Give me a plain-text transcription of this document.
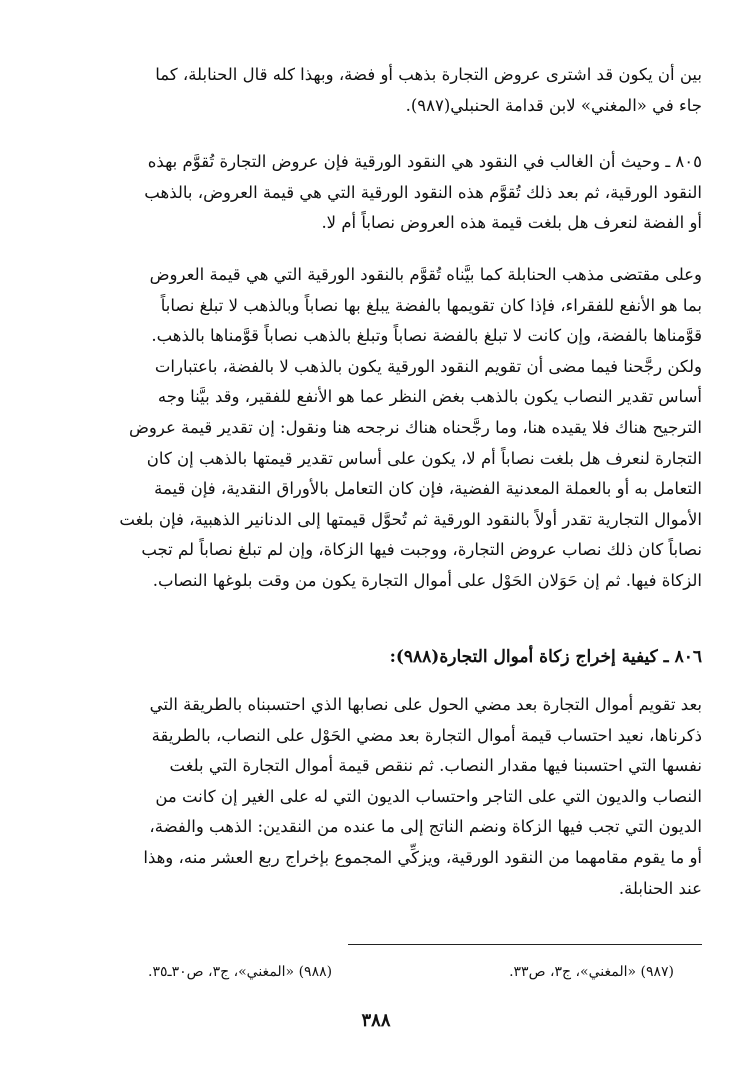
بين أن يكون قد اشترى عروض التجارة بذهب أو فضة، وبهذا كله قال الحنابلة، كما
جاء في «المغني» لابن قدامة الحنبلي(٩٨٧).
٨٠٥ ـ وحيث أن الغالب في النقود هي النقود الورقية فإن عروض التجارة تُقوَّم بهذه
النقود الورقية، ثم بعد ذلك تُقوَّم هذه النقود الورقية التي هي قيمة العروض، بالذهب
أو الفضة لنعرف هل بلغت قيمة هذه العروض نصاباً أم لا.
وعلى مقتضى مذهب الحنابلة كما بيَّناه تُقوَّم بالنقود الورقية التي هي قيمة العروض
بما هو الأنفع للفقراء، فإذا كان تقويمها بالفضة يبلغ بها نصاباً وبالذهب لا تبلغ نصاباً
قوَّمناها بالفضة، وإن كانت لا تبلغ بالفضة نصاباً وتبلغ بالذهب نصاباً قوَّمناها بالذهب.
ولكن رجَّحنا فيما مضى أن تقويم النقود الورقية يكون بالذهب لا بالفضة، باعتبارات
أساس تقدير النصاب يكون بالذهب بغض النظر عما هو الأنفع للفقير، وقد بيَّنا وجه
الترجيح هناك فلا يقيده هنا، وما رجَّحناه هناك نرجحه هنا ونقول: إن تقدير قيمة عروض
التجارة لنعرف هل بلغت نصاباً أم لا، يكون على أساس تقدير قيمتها بالذهب إن كان
التعامل به أو بالعملة المعدنية الفضية، فإن كان التعامل بالأوراق النقدية، فإن قيمة
الأموال التجارية تقدر أولاً بالنقود الورقية ثم تُحوَّل قيمتها إلى الدنانير الذهبية، فإن بلغت
نصاباً كان ذلك نصاب عروض التجارة، ووجبت فيها الزكاة، وإن لم تبلغ نصاباً لم تجب
الزكاة فيها. ثم إن حَوَلان الحَوْل على أموال التجارة يكون من وقت بلوغها النصاب.
٨٠٦ ـ كيفية إخراج زكاة أموال التجارة(٩٨٨):
بعد تقويم أموال التجارة بعد مضي الحول على نصابها الذي احتسبناه بالطريقة التي
ذكرناها، نعيد احتساب قيمة أموال التجارة بعد مضي الحَوْل على النصاب، بالطريقة
نفسها التي احتسبنا فيها مقدار النصاب. ثم ننقص قيمة أموال التجارة التي بلغت
النصاب والديون التي على التاجر واحتساب الديون التي له على الغير إن كانت من
الديون التي تجب فيها الزكاة ونضم الناتج إلى ما عنده من النقدين: الذهب والفضة،
أو ما يقوم مقامهما من النقود الورقية، ويزكِّي المجموع بإخراج ربع العشر منه، وهذا
عند الحنابلة.
(٩٨٧) «المغني»، ج٣، ص٣٣.
(٩٨٨) «المغني»، ج٣، ص٣٠ـ٣٥.
٣٨٨
